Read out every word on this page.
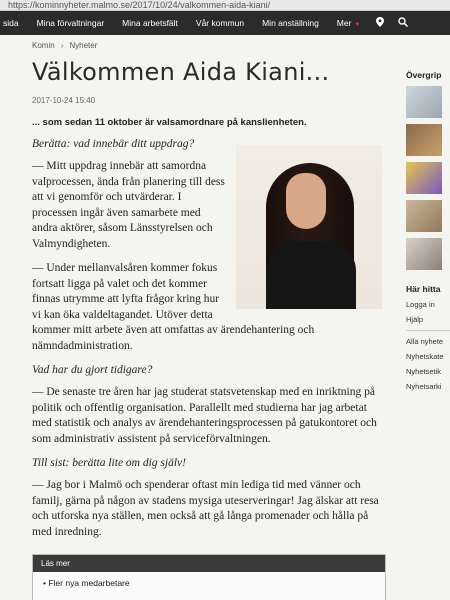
https://kominnyheter.malmo.se/2017/10/24/valkommen-aida-kiani/
sida	Mina förvaltningar	Mina arbetsfält	Vår kommun	Min anställning	Mer ▼
Komin › Nyheter
Välkommen Aida Kiani...
2017-10-24 15:40
... som sedan 11 oktober är valsamordnare på kanslienheten.
Berätta: vad innebär ditt uppdrag?
— Mitt uppdrag innebär att samordna valprocessen, ända från planering till dess att vi genomför och utvärderar. I processen ingår även samarbete med andra aktörer, såsom Länsstyrelsen och Valmyndigheten.
— Under mellanvalsåren kommer fokus fortsatt ligga på valet och det kommer finnas utrymme att lyfta frågor kring hur vi kan öka valdeltagandet. Utöver detta
kommer mitt arbete även att omfattas av ärendehantering och nämndadministration.
Vad har du gjort tidigare?
— De senaste tre åren har jag studerat statsvetenskap med en inriktning på politik och offentlig organisation. Parallellt med studierna har jag arbetat med statistik och analys av ärendehanteringsprocessen på gatukontoret och som administrativ assistent på serviceförvaltningen.
Till sist: berätta lite om dig själv!
— Jag bor i Malmö och spenderar oftast min lediga tid med vänner och familj, gärna på någon av stadens mysiga uteserveringar! Jag älskar att resa och utforska nya ställen, men också att gå långa promenader och hålla på med inredning.
Läs mer
• Fler nya medarbetare
Övergrip
Här hitta
Logga in
Hjälp
Alla nyhete
Nyhetskate
Nyhetsetik
Nyhetsarki
